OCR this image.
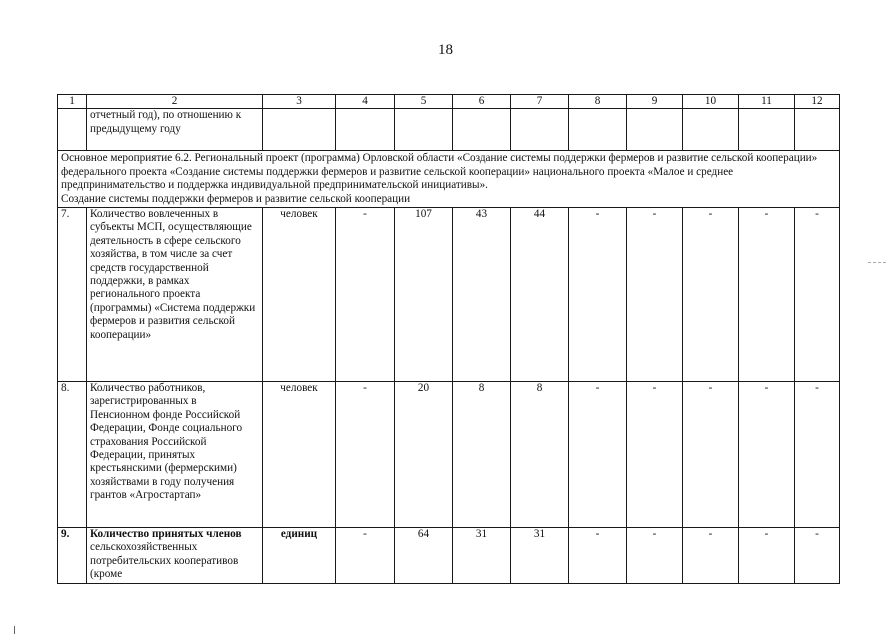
18
1	2	3	4	5	6	7	8	9	10	11	12
	отчетный год), по отношению к предыдущему году										

Основное мероприятие 6.2. Региональный проект (программа) Орловской области «Создание системы поддержки фермеров и развитие сельской кооперации» федерального проекта «Создание системы поддержки фермеров и развитие сельской кооперации» национального проекта «Малое и среднее предпринимательство и поддержка индивидуальной предпринимательской инициативы».
Создание системы поддержки фермеров и развитие сельской кооперации											

7.	Количество вовлеченных в субъекты МСП, осуществляющие деятельность в сфере сельского хозяйства, в том числе за счет средств государственной поддержки, в рамках регионального проекта (программы) «Система поддержки фермеров и развития сельской кооперации»	человек	-	107	43	44	-	-	-	-	-
8.	Количество работников, зарегистрированных в Пенсионном фонде Российской Федерации, Фонде социального страхования Российской Федерации, принятых крестьянскими (фермерскими) хозяйствами в году получения грантов «Агростартап»	человек	-	20	8	8	-	-	-	-	-
9.	Количество принятых членов сельскохозяйственных потребительских кооперативов (кроме	единиц	-	64	31	31	-	-	-	-	-
